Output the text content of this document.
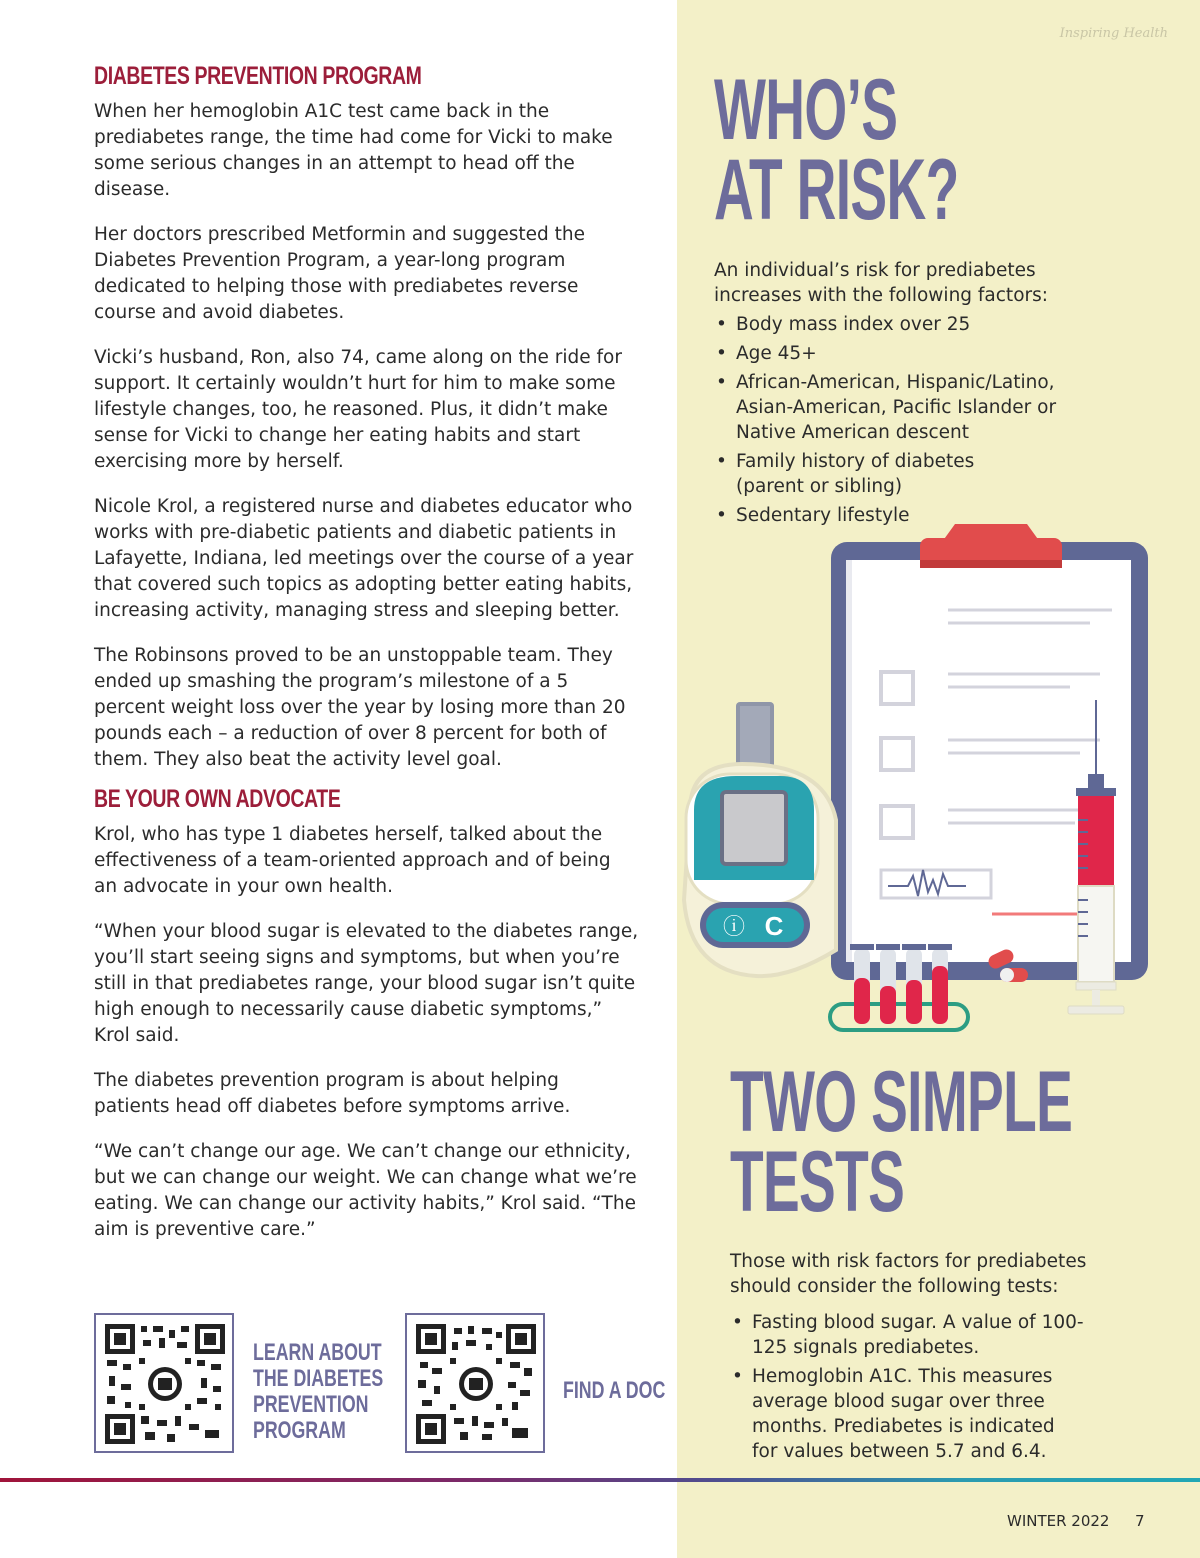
Inspiring Health
DIABETES PREVENTION PROGRAM

When her hemoglobin A1C test came back in the prediabetes range, the time had come for Vicki to make some serious changes in an attempt to head off the disease.

Her doctors prescribed Metformin and suggested the Diabetes Prevention Program, a year-long program dedicated to helping those with prediabetes reverse course and avoid diabetes.

Vicki’s husband, Ron, also 74, came along on the ride for support. It certainly wouldn’t hurt for him to make some lifestyle changes, too, he reasoned. Plus, it didn’t make sense for Vicki to change her eating habits and start exercising more by herself.

Nicole Krol, a registered nurse and diabetes educator who works with pre-diabetic patients and diabetic patients in Lafayette, Indiana, led meetings over the course of a year that covered such topics as adopting better eating habits, increasing activity, managing stress and sleeping better.

The Robinsons proved to be an unstoppable team. They ended up smashing the program’s milestone of a 5 percent weight loss over the year by losing more than 20 pounds each – a reduction of over 8 percent for both of them. They also beat the activity level goal.

BE YOUR OWN ADVOCATE

Krol, who has type 1 diabetes herself, talked about the effectiveness of a team-oriented approach and of being an advocate in your own health.

“When your blood sugar is elevated to the diabetes range, you’ll start seeing signs and symptoms, but when you’re still in that prediabetes range, your blood sugar isn’t quite high enough to necessarily cause diabetic symptoms,” Krol said.

The diabetes prevention program is about helping patients head off diabetes before symptoms arrive.

“We can’t change our age. We can’t change our ethnicity, but we can change our weight. We can change what we’re eating. We can change our activity habits,” Krol said. “The aim is preventive care.”

LEARN ABOUT
THE DIABETES
PREVENTION
PROGRAM
FIND A DOC
WHO’S
AT RISK?
An individual’s risk for prediabetes increases with the following factors:
• Body mass index over 25
• Age 45+
• African-American, Hispanic/Latino, Asian-American, Pacific Islander or Native American descent
• Family history of diabetes (parent or sibling)
• Sedentary lifestyle
ⓘ C
TWO SIMPLE
TESTS
Those with risk factors for prediabetes should consider the following tests:
• Fasting blood sugar. A value of 100-125 signals prediabetes.
• Hemoglobin A1C. This measures average blood sugar over three months. Prediabetes is indicated for values between 5.7 and 6.4.
WINTER 2022 7
